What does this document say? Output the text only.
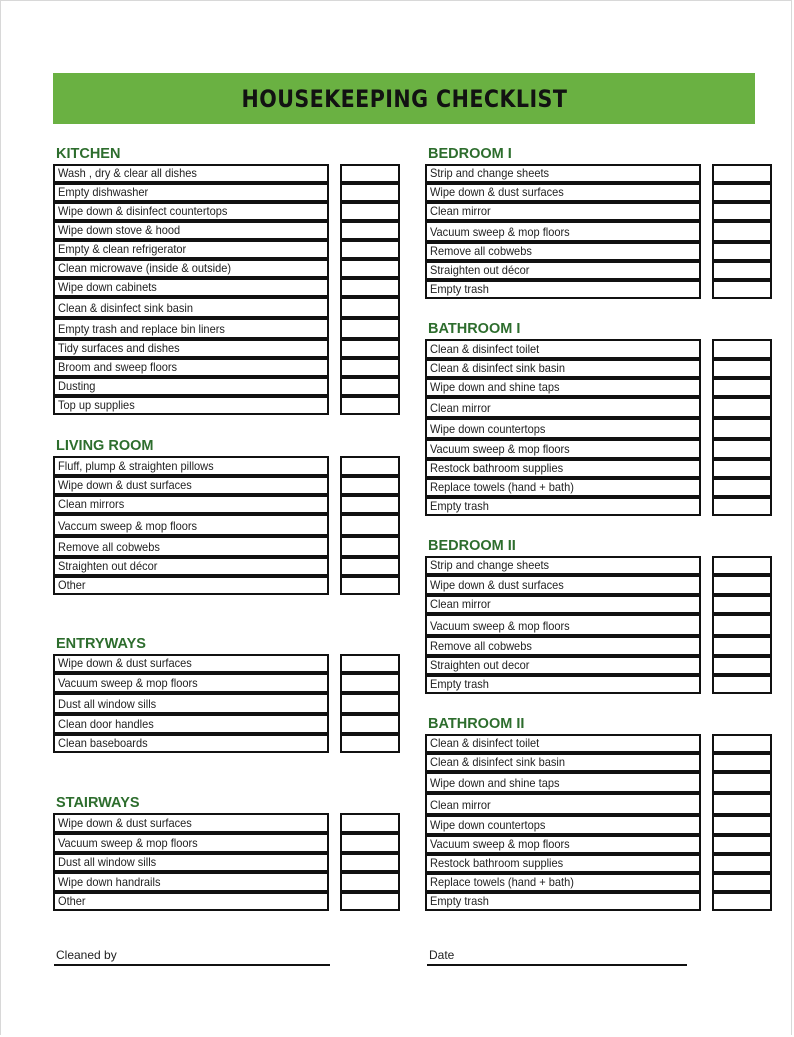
HOUSEKEEPING CHECKLIST
KITCHEN
Wash , dry & clear all dishes
Empty dishwasher
Wipe down & disinfect countertops
Wipe down stove & hood
Empty & clean refrigerator
Clean microwave (inside & outside)
Wipe down cabinets
Clean & disinfect sink basin
Empty trash and replace bin liners
Tidy surfaces and dishes
Broom and sweep floors
Dusting
Top up supplies
LIVING ROOM
Fluff, plump & straighten pillows
Wipe down & dust surfaces
Clean mirrors
Vaccum sweep & mop floors
Remove all cobwebs
Straighten out décor
Other
ENTRYWAYS
Wipe down & dust surfaces
Vacuum sweep & mop floors
Dust all window sills
Clean door handles
Clean baseboards
STAIRWAYS
Wipe down & dust surfaces
Vacuum sweep & mop floors
Dust all window sills
Wipe down handrails
Other
BEDROOM I
Strip and change sheets
Wipe down & dust surfaces
Clean mirror
Vacuum sweep & mop floors
Remove all cobwebs
Straighten out décor
Empty trash
BATHROOM I
Clean & disinfect toilet
Clean & disinfect sink basin
Wipe down and shine taps
Clean mirror
Wipe down countertops
Vacuum sweep & mop floors
Restock bathroom supplies
Replace towels (hand + bath)
Empty trash
BEDROOM II
Strip and change sheets
Wipe down & dust surfaces
Clean mirror
Vacuum sweep & mop floors
Remove all cobwebs
Straighten out decor
Empty trash
BATHROOM II
Clean & disinfect toilet
Clean & disinfect sink basin
Wipe down and shine taps
Clean mirror
Wipe down countertops
Vacuum sweep & mop floors
Restock bathroom supplies
Replace towels (hand + bath)
Empty trash
Cleaned by	Date
